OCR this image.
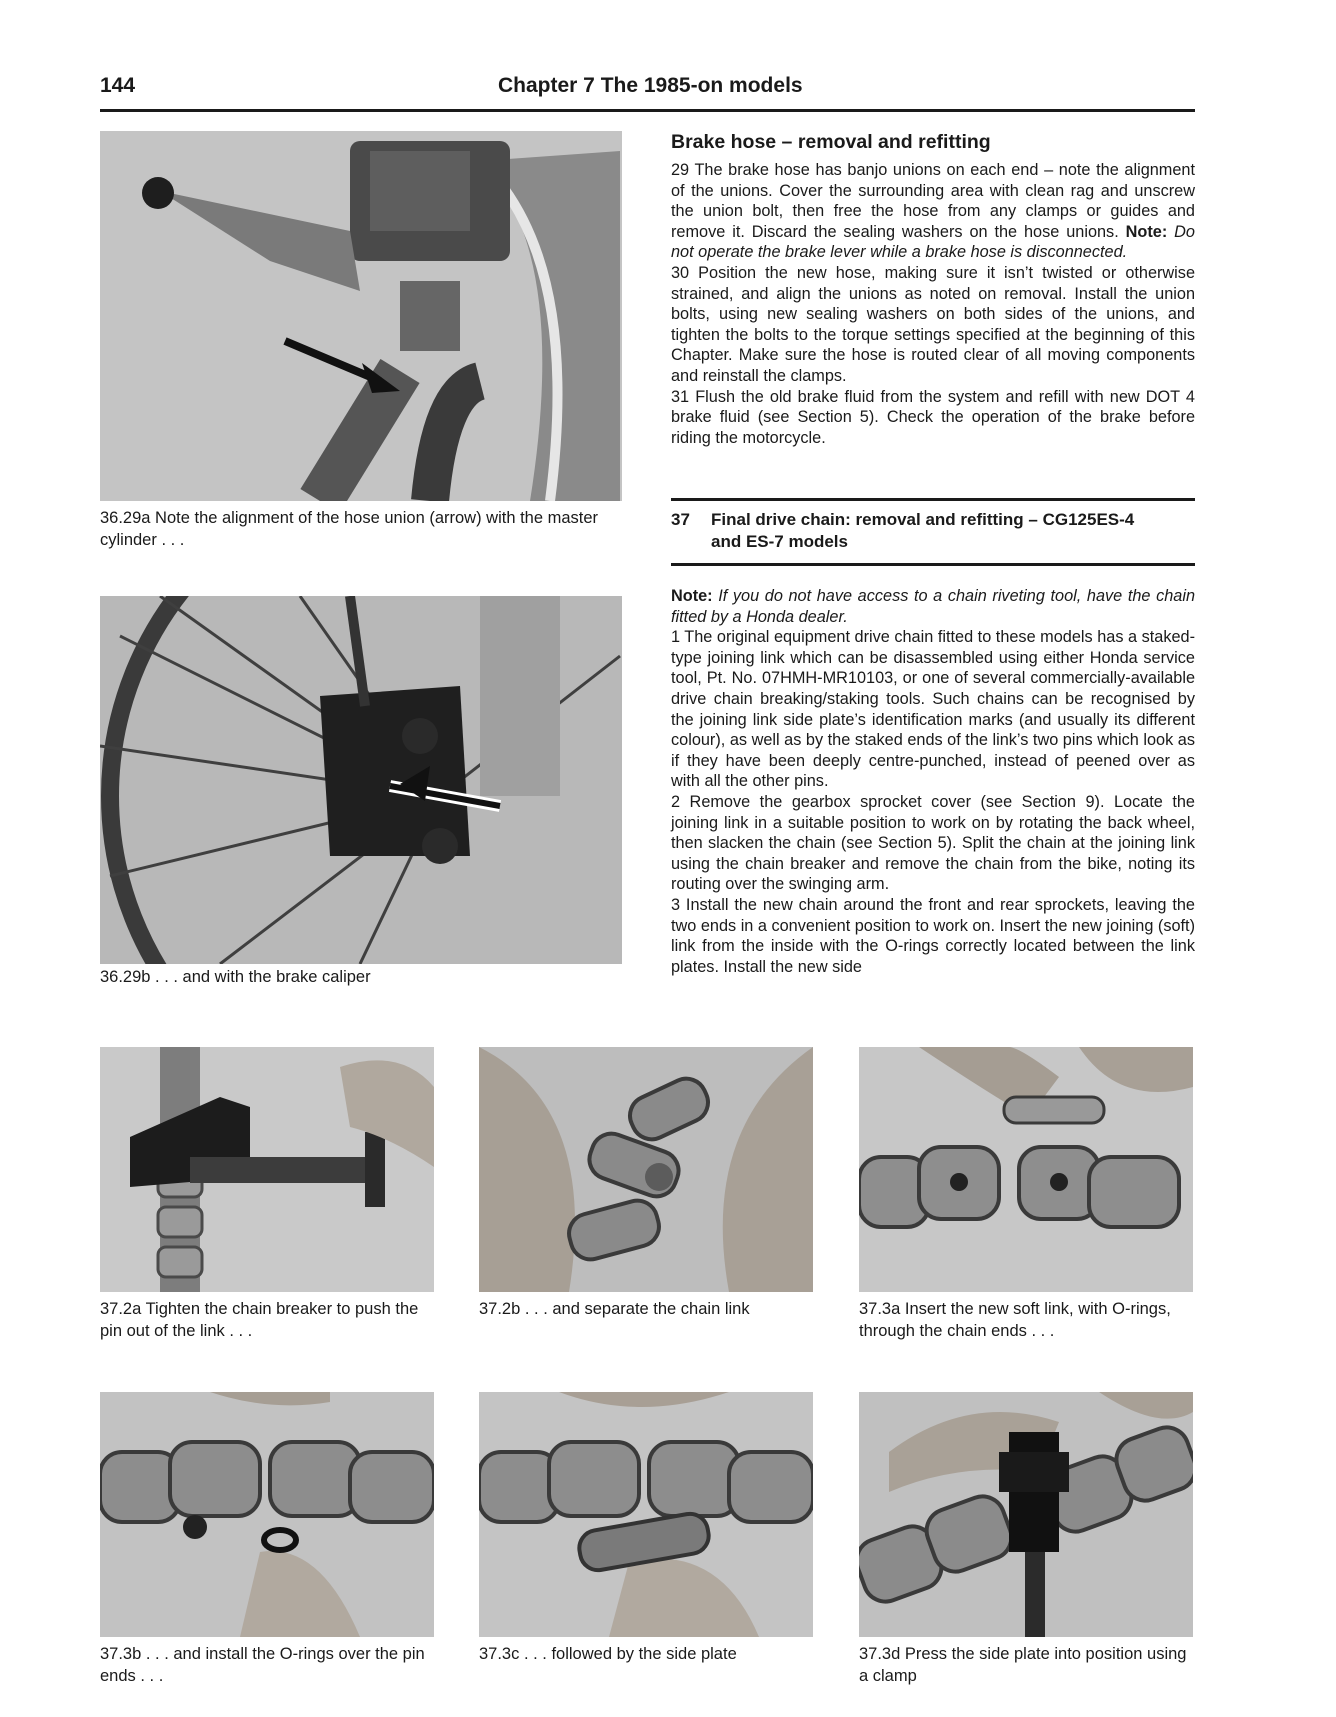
144	Chapter 7 The 1985-on models
36.29a Note the alignment of the hose union (arrow) with the master cylinder . . .
36.29b . . . and with the brake caliper
Brake hose – removal and refitting

29 The brake hose has banjo unions on each end – note the alignment of the unions. Cover the surrounding area with clean rag and unscrew the union bolt, then free the hose from any clamps or guides and remove it. Discard the sealing washers on the hose unions. Note: Do not operate the brake lever while a brake hose is disconnected.

30 Position the new hose, making sure it isn’t twisted or otherwise strained, and align the unions as noted on removal. Install the union bolts, using new sealing washers on both sides of the unions, and tighten the bolts to the torque settings specified at the beginning of this Chapter. Make sure the hose is routed clear of all moving components and reinstall the clamps.

31 Flush the old brake fluid from the system and refill with new DOT 4 brake fluid (see Section 5). Check the operation of the brake before riding the motorcycle.

37 Final drive chain: removal and refitting – CG125ES-4 and ES-7 models

Note: If you do not have access to a chain riveting tool, have the chain fitted by a Honda dealer.

1 The original equipment drive chain fitted to these models has a staked-type joining link which can be disassembled using either Honda service tool, Pt. No. 07HMH-MR10103, or one of several commercially-available drive chain breaking/staking tools. Such chains can be recognised by the joining link side plate’s identification marks (and usually its different colour), as well as by the staked ends of the link’s two pins which look as if they have been deeply centre-punched, instead of peened over as with all the other pins.

2 Remove the gearbox sprocket cover (see Section 9). Locate the joining link in a suitable position to work on by rotating the back wheel, then slacken the chain (see Section 5). Split the chain at the joining link using the chain breaker and remove the chain from the bike, noting its routing over the swinging arm.

3 Install the new chain around the front and rear sprockets, leaving the two ends in a convenient position to work on. Insert the new joining (soft) link from the inside with the O-rings correctly located between the link plates. Install the new side

37.2a Tighten the chain breaker to push the pin out of the link . . .
37.2b . . . and separate the chain link	37.3a Insert the new soft link, with O-rings, through the chain ends . . .
37.3b . . . and install the O-rings over the pin ends . . .
37.3c . . . followed by the side plate	37.3d Press the side plate into position using a clamp
